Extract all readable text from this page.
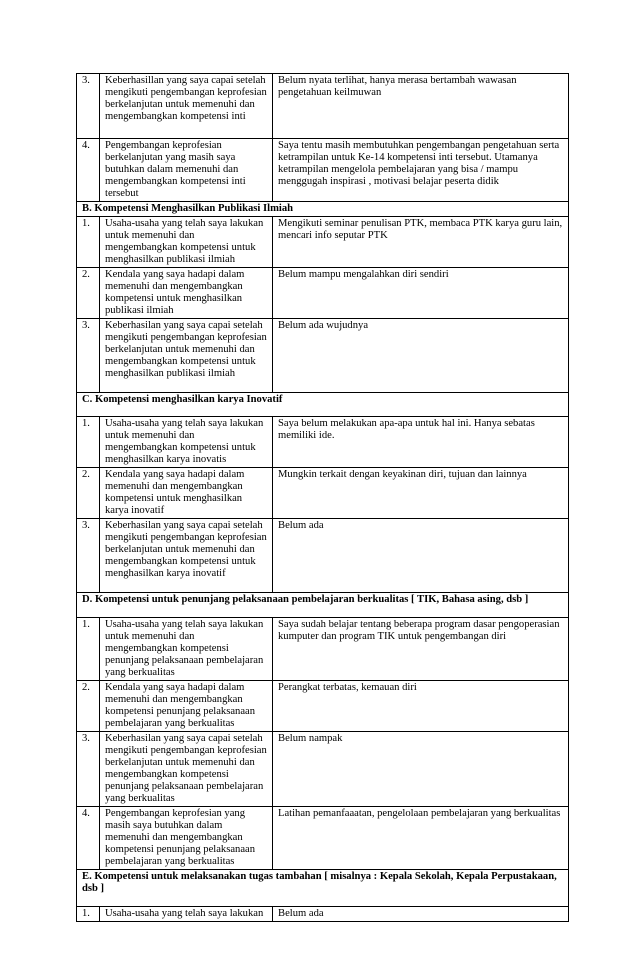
3.	Keberhasillan yang saya capai setelah mengikuti pengembangan keprofesian berkelanjutan untuk memenuhi dan mengembangkan kompetensi inti	Belum nyata terlihat, hanya merasa bertambah wawasan pengetahuan keilmuwan
4.	Pengembangan keprofesian berkelanjutan yang masih saya butuhkan dalam memenuhi dan mengembangkan kompetensi inti tersebut	Saya tentu masih membutuhkan pengembangan pengetahuan serta ketrampilan untuk Ke-14 kompetensi inti tersebut. Utamanya ketrampilan mengelola pembelajaran yang bisa / mampu menggugah inspirasi , motivasi belajar peserta didik
B. Kompetensi Menghasilkan Publikasi Ilmiah		
1.	Usaha-usaha yang telah saya lakukan untuk memenuhi dan mengembangkan kompetensi untuk menghasilkan publikasi ilmiah	Mengikuti seminar penulisan PTK, membaca PTK karya guru lain, mencari info seputar PTK
2.	Kendala yang saya hadapi dalam memenuhi dan mengembangkan kompetensi untuk menghasilkan publikasi ilmiah	Belum mampu mengalahkan diri sendiri
3.	Keberhasilan yang saya capai setelah mengikuti pengembangan keprofesian berkelanjutan untuk memenuhi dan mengembangkan kompetensi untuk menghasilkan publikasi ilmiah	Belum ada wujudnya
C. Kompetensi menghasilkan karya Inovatif		
1.	Usaha-usaha yang telah saya lakukan untuk memenuhi dan mengembangkan kompetensi untuk menghasilkan karya inovatis	Saya belum melakukan apa-apa untuk hal ini. Hanya sebatas memiliki ide.
2.	Kendala yang saya hadapi dalam memenuhi dan mengembangkan kompetensi untuk menghasilkan karya inovatif	Mungkin terkait dengan keyakinan diri, tujuan dan lainnya
3.	Keberhasilan yang saya capai setelah mengikuti pengembangan keprofesian berkelanjutan untuk memenuhi dan mengembangkan kompetensi untuk menghasilkan karya inovatif	Belum ada
D. Kompetensi untuk penunjang pelaksanaan pembelajaran berkualitas [ TIK, Bahasa asing, dsb ]		
1.	Usaha-usaha yang telah saya lakukan untuk memenuhi dan mengembangkan kompetensi penunjang pelaksanaan pembelajaran yang berkualitas	Saya sudah belajar tentang beberapa program dasar pengoperasian kumputer dan program TIK untuk pengembangan diri
2.	Kendala yang saya hadapi dalam memenuhi dan mengembangkan kompetensi penunjang pelaksanaan pembelajaran yang berkualitas	Perangkat terbatas, kemauan diri
3.	Keberhasilan yang saya capai setelah mengikuti pengembangan keprofesian berkelanjutan untuk memenuhi dan mengembangkan kompetensi penunjang pelaksanaan pembelajaran yang berkualitas	Belum nampak
4.	Pengembangan keprofesian yang masih saya butuhkan dalam memenuhi dan mengembangkan kompetensi penunjang pelaksanaan pembelajaran yang berkualitas	Latihan pemanfaaatan, pengelolaan pembelajaran yang berkualitas
E. Kompetensi untuk melaksanakan tugas tambahan [ misalnya : Kepala Sekolah, Kepala Perpustakaan, dsb ]		
1.	Usaha-usaha yang telah saya lakukan	Belum ada
